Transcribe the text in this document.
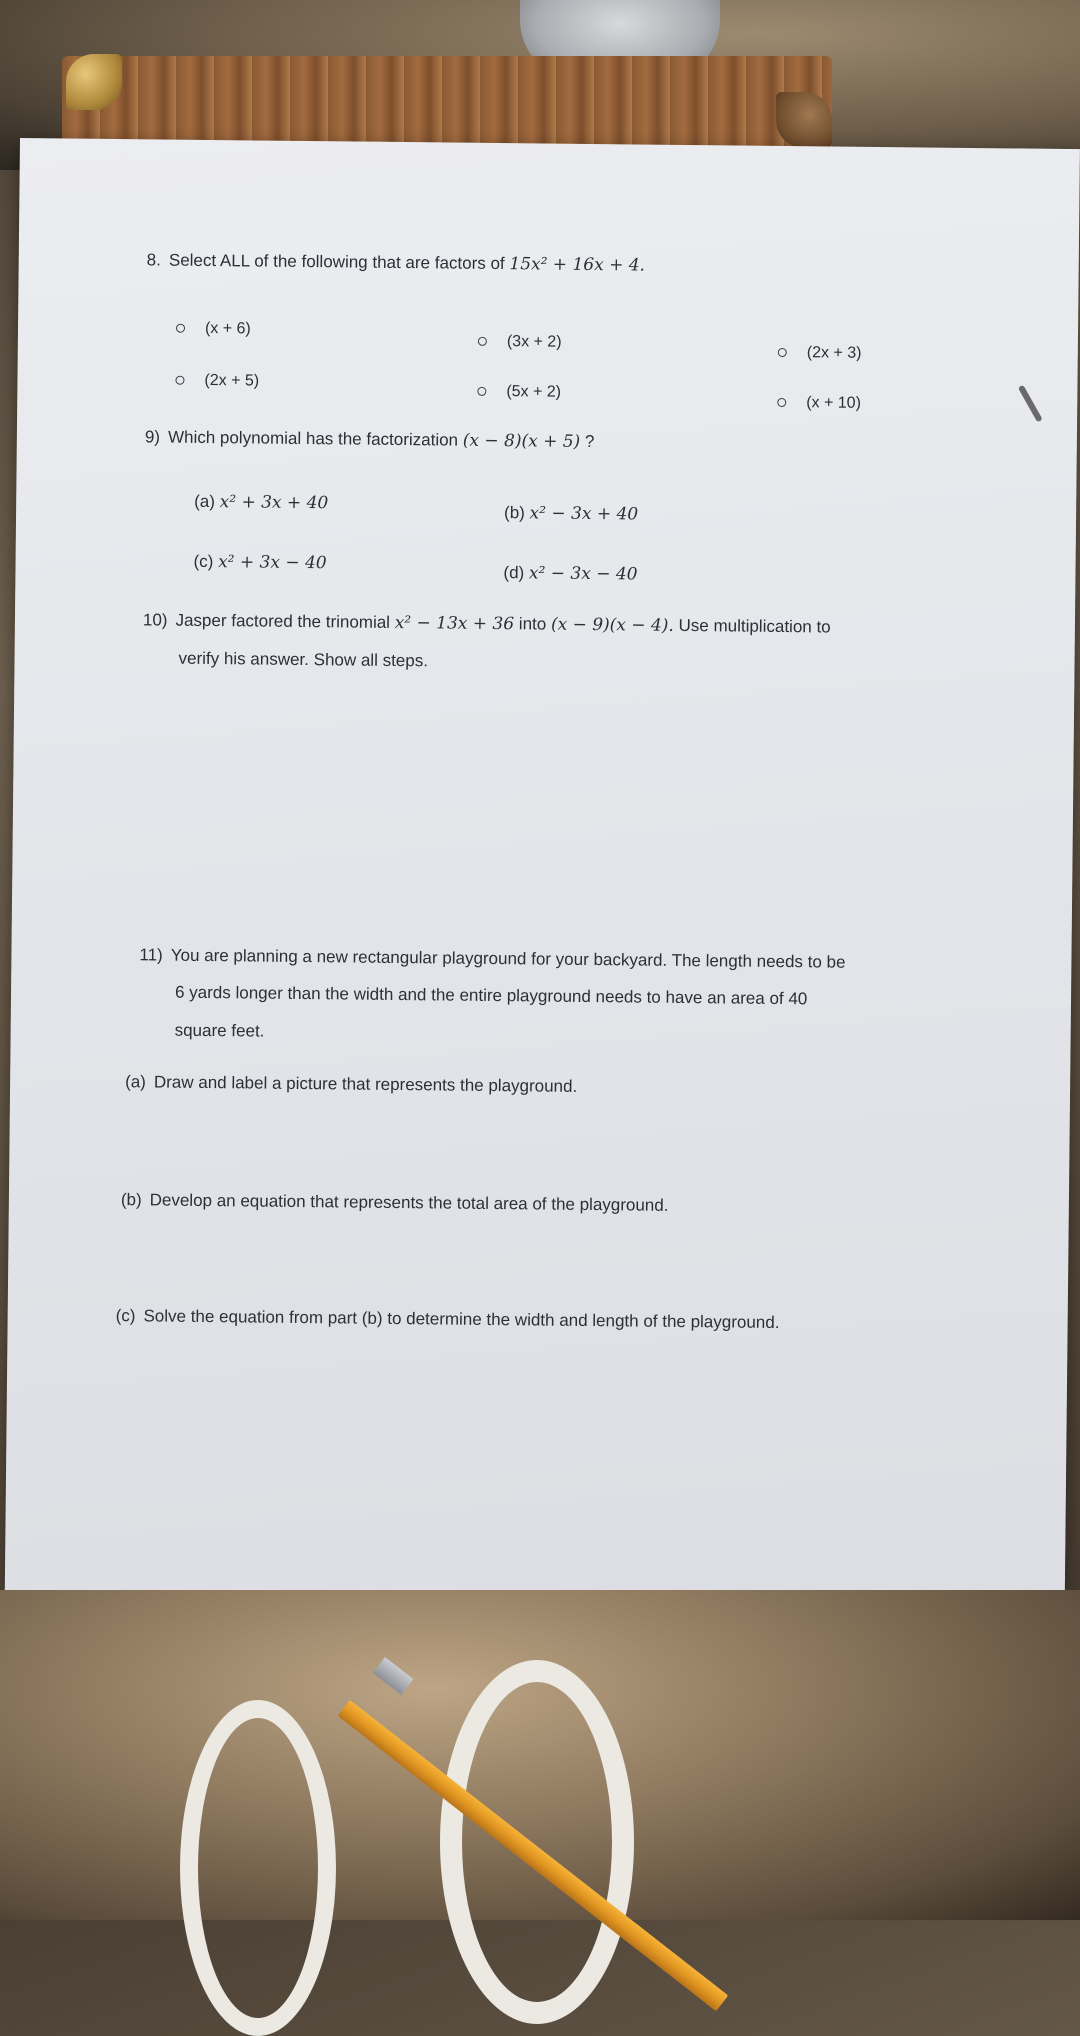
8. Select ALL of the following that are factors of 15x² + 16x + 4.
(x + 6)
(3x + 2)
(2x + 3)
(2x + 5)
(5x + 2)
(x + 10)
9) Which polynomial has the factorization (x − 8)(x + 5) ?
(a) x² + 3x + 40	(b) x² − 3x + 40
(c) x² + 3x − 40	(d) x² − 3x − 40
10) Jasper factored the trinomial x² − 13x + 36 into (x − 9)(x − 4). Use multiplication to
verify his answer. Show all steps.
11) You are planning a new rectangular playground for your backyard. The length needs to be
6 yards longer than the width and the entire playground needs to have an area of 40
square feet.
(a) Draw and label a picture that represents the playground.
(b) Develop an equation that represents the total area of the playground.
(c) Solve the equation from part (b) to determine the width and length of the playground.
